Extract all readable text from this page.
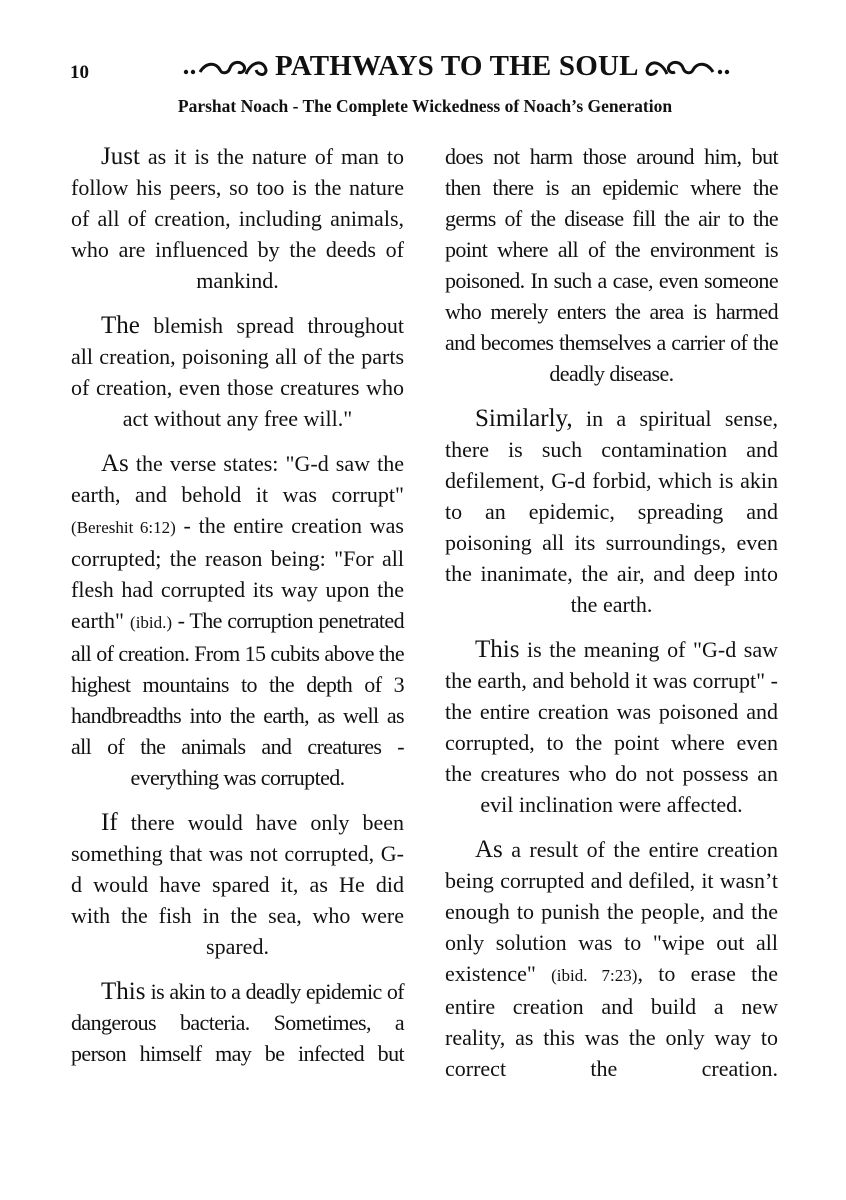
10	PATHWAYS TO THE SOUL
Parshat Noach - The Complete Wickedness of Noach’s Generation

Just as it is the nature of man to follow his peers, so too is the nature of all of creation, including animals, who are influenced by the deeds of mankind.

The blemish spread throughout all creation, poisoning all of the parts of creation, even those creatures who act without any free will."

As the verse states: "G-d saw the earth, and behold it was corrupt" (Bereshit 6:12) - the entire creation was corrupted; the reason being: "For all flesh had corrupted its way upon the earth" (ibid.) - The corruption penetrated all of creation. From 15 cubits above the highest mountains to the depth of 3 handbreadths into the earth, as well as all of the animals and creatures - everything was corrupted.

If there would have only been something that was not corrupted, G-d would have spared it, as He did with the fish in the sea, who were spared.

This is akin to a deadly epidemic of dangerous bacteria. Sometimes, a person himself may be infected but

does not harm those around him, but then there is an epidemic where the germs of the disease fill the air to the point where all of the environment is poisoned. In such a case, even someone who merely enters the area is harmed and becomes themselves a carrier of the deadly disease.

Similarly, in a spiritual sense, there is such contamination and defilement, G-d forbid, which is akin to an epidemic, spreading and poisoning all its surroundings, even the inanimate, the air, and deep into the earth.

This is the meaning of "G-d saw the earth, and behold it was corrupt" - the entire creation was poisoned and corrupted, to the point where even the creatures who do not possess an evil inclination were affected.

As a result of the entire creation being corrupted and defiled, it wasn’t enough to punish the people, and the only solution was to "wipe out all existence" (ibid. 7:23), to erase the entire creation and build a new reality, as this was the only way to correct the creation.
